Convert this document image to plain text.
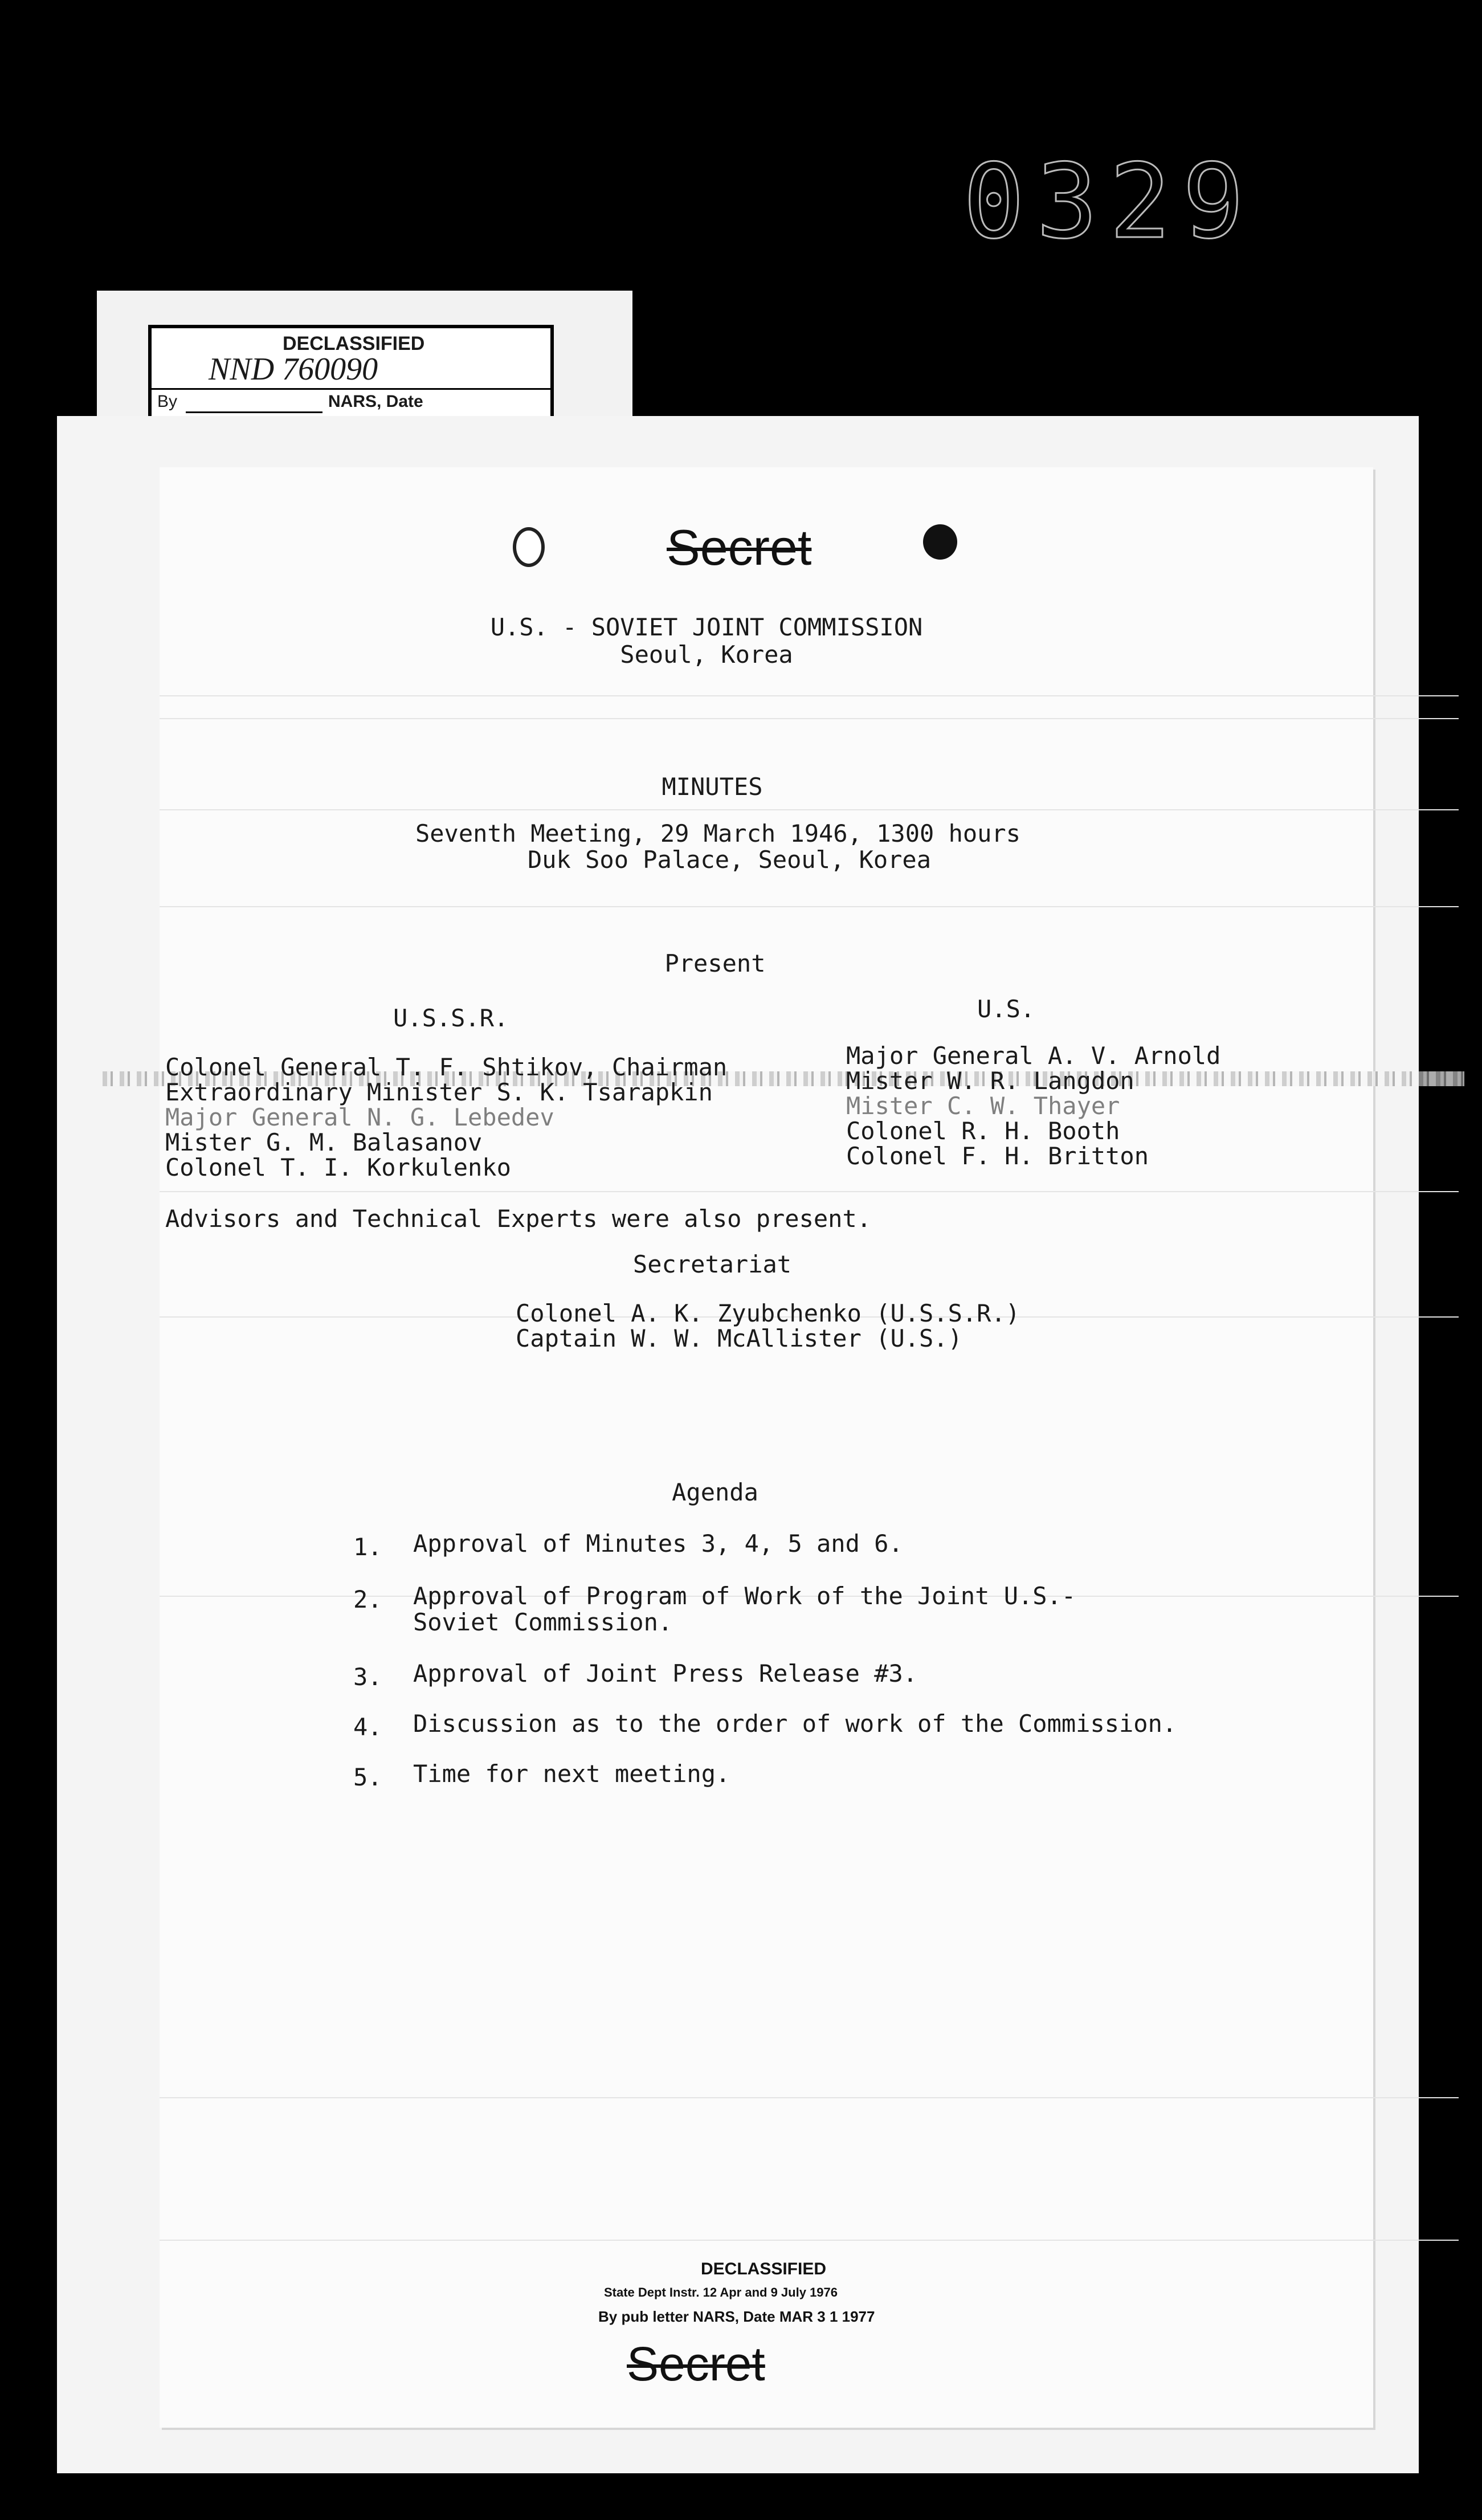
0329
DECLASSIFIED
NND 760090
By	NARS, Date
Secret
U.S. - SOVIET JOINT COMMISSION
Seoul, Korea
MINUTES
Seventh Meeting, 29 March 1946, 1300 hours
Duk Soo Palace, Seoul, Korea
Present
U.S.S.R.	U.S.
Colonel General T. F. Shtikov, Chairman
Extraordinary Minister S. K. Tsarapkin
Major General N. G. Lebedev
Mister G. M. Balasanov
Colonel T. I. Korkulenko
Major General A. V. Arnold
Mister W. R. Langdon
Mister C. W. Thayer
Colonel R. H. Booth
Colonel F. H. Britton
Advisors and Technical Experts were also present.
Secretariat
Colonel A. K. Zyubchenko (U.S.S.R.)
Captain W. W. McAllister (U.S.)
Agenda
1. Approval of Minutes 3, 4, 5 and 6.
2. Approval of Program of Work of the Joint U.S.-
Soviet Commission.
3. Approval of Joint Press Release #3.
4. Discussion as to the order of work of the Commission.
5. Time for next meeting.
DECLASSIFIED
State Dept Instr. 12 Apr and 9 July 1976
By pub letter NARS, Date MAR 3 1 1977
Secret
